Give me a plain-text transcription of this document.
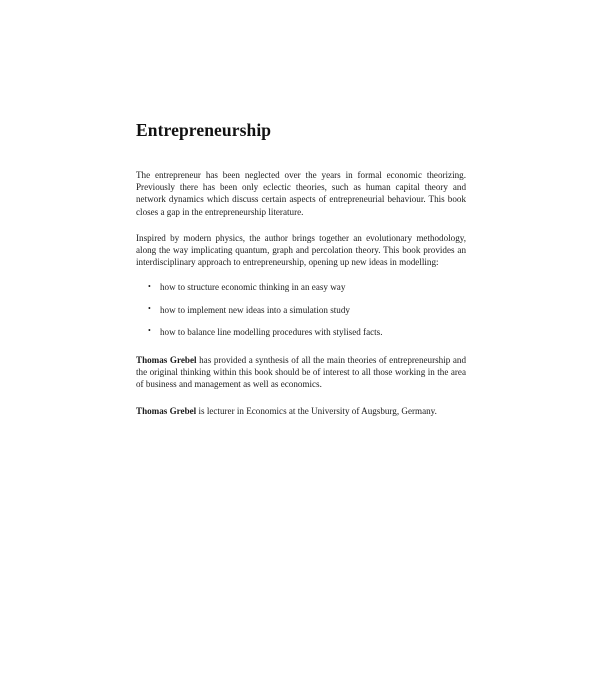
Entrepreneurship

The entrepreneur has been neglected over the years in formal economic theorizing. Previously there has been only eclectic theories, such as human capital theory and network dynamics which discuss certain aspects of entrepreneurial behaviour. This book closes a gap in the entrepreneurship literature.

Inspired by modern physics, the author brings together an evolutionary methodology, along the way implicating quantum, graph and percolation theory. This book provides an interdisciplinary approach to entrepreneurship, opening up new ideas in modelling:

• how to structure economic thinking in an easy way
• how to implement new ideas into a simulation study
• how to balance line modelling procedures with stylised facts.

Thomas Grebel has provided a synthesis of all the main theories of entrepreneurship and the original thinking within this book should be of interest to all those working in the area of business and management as well as economics.

Thomas Grebel is lecturer in Economics at the University of Augsburg, Germany.
